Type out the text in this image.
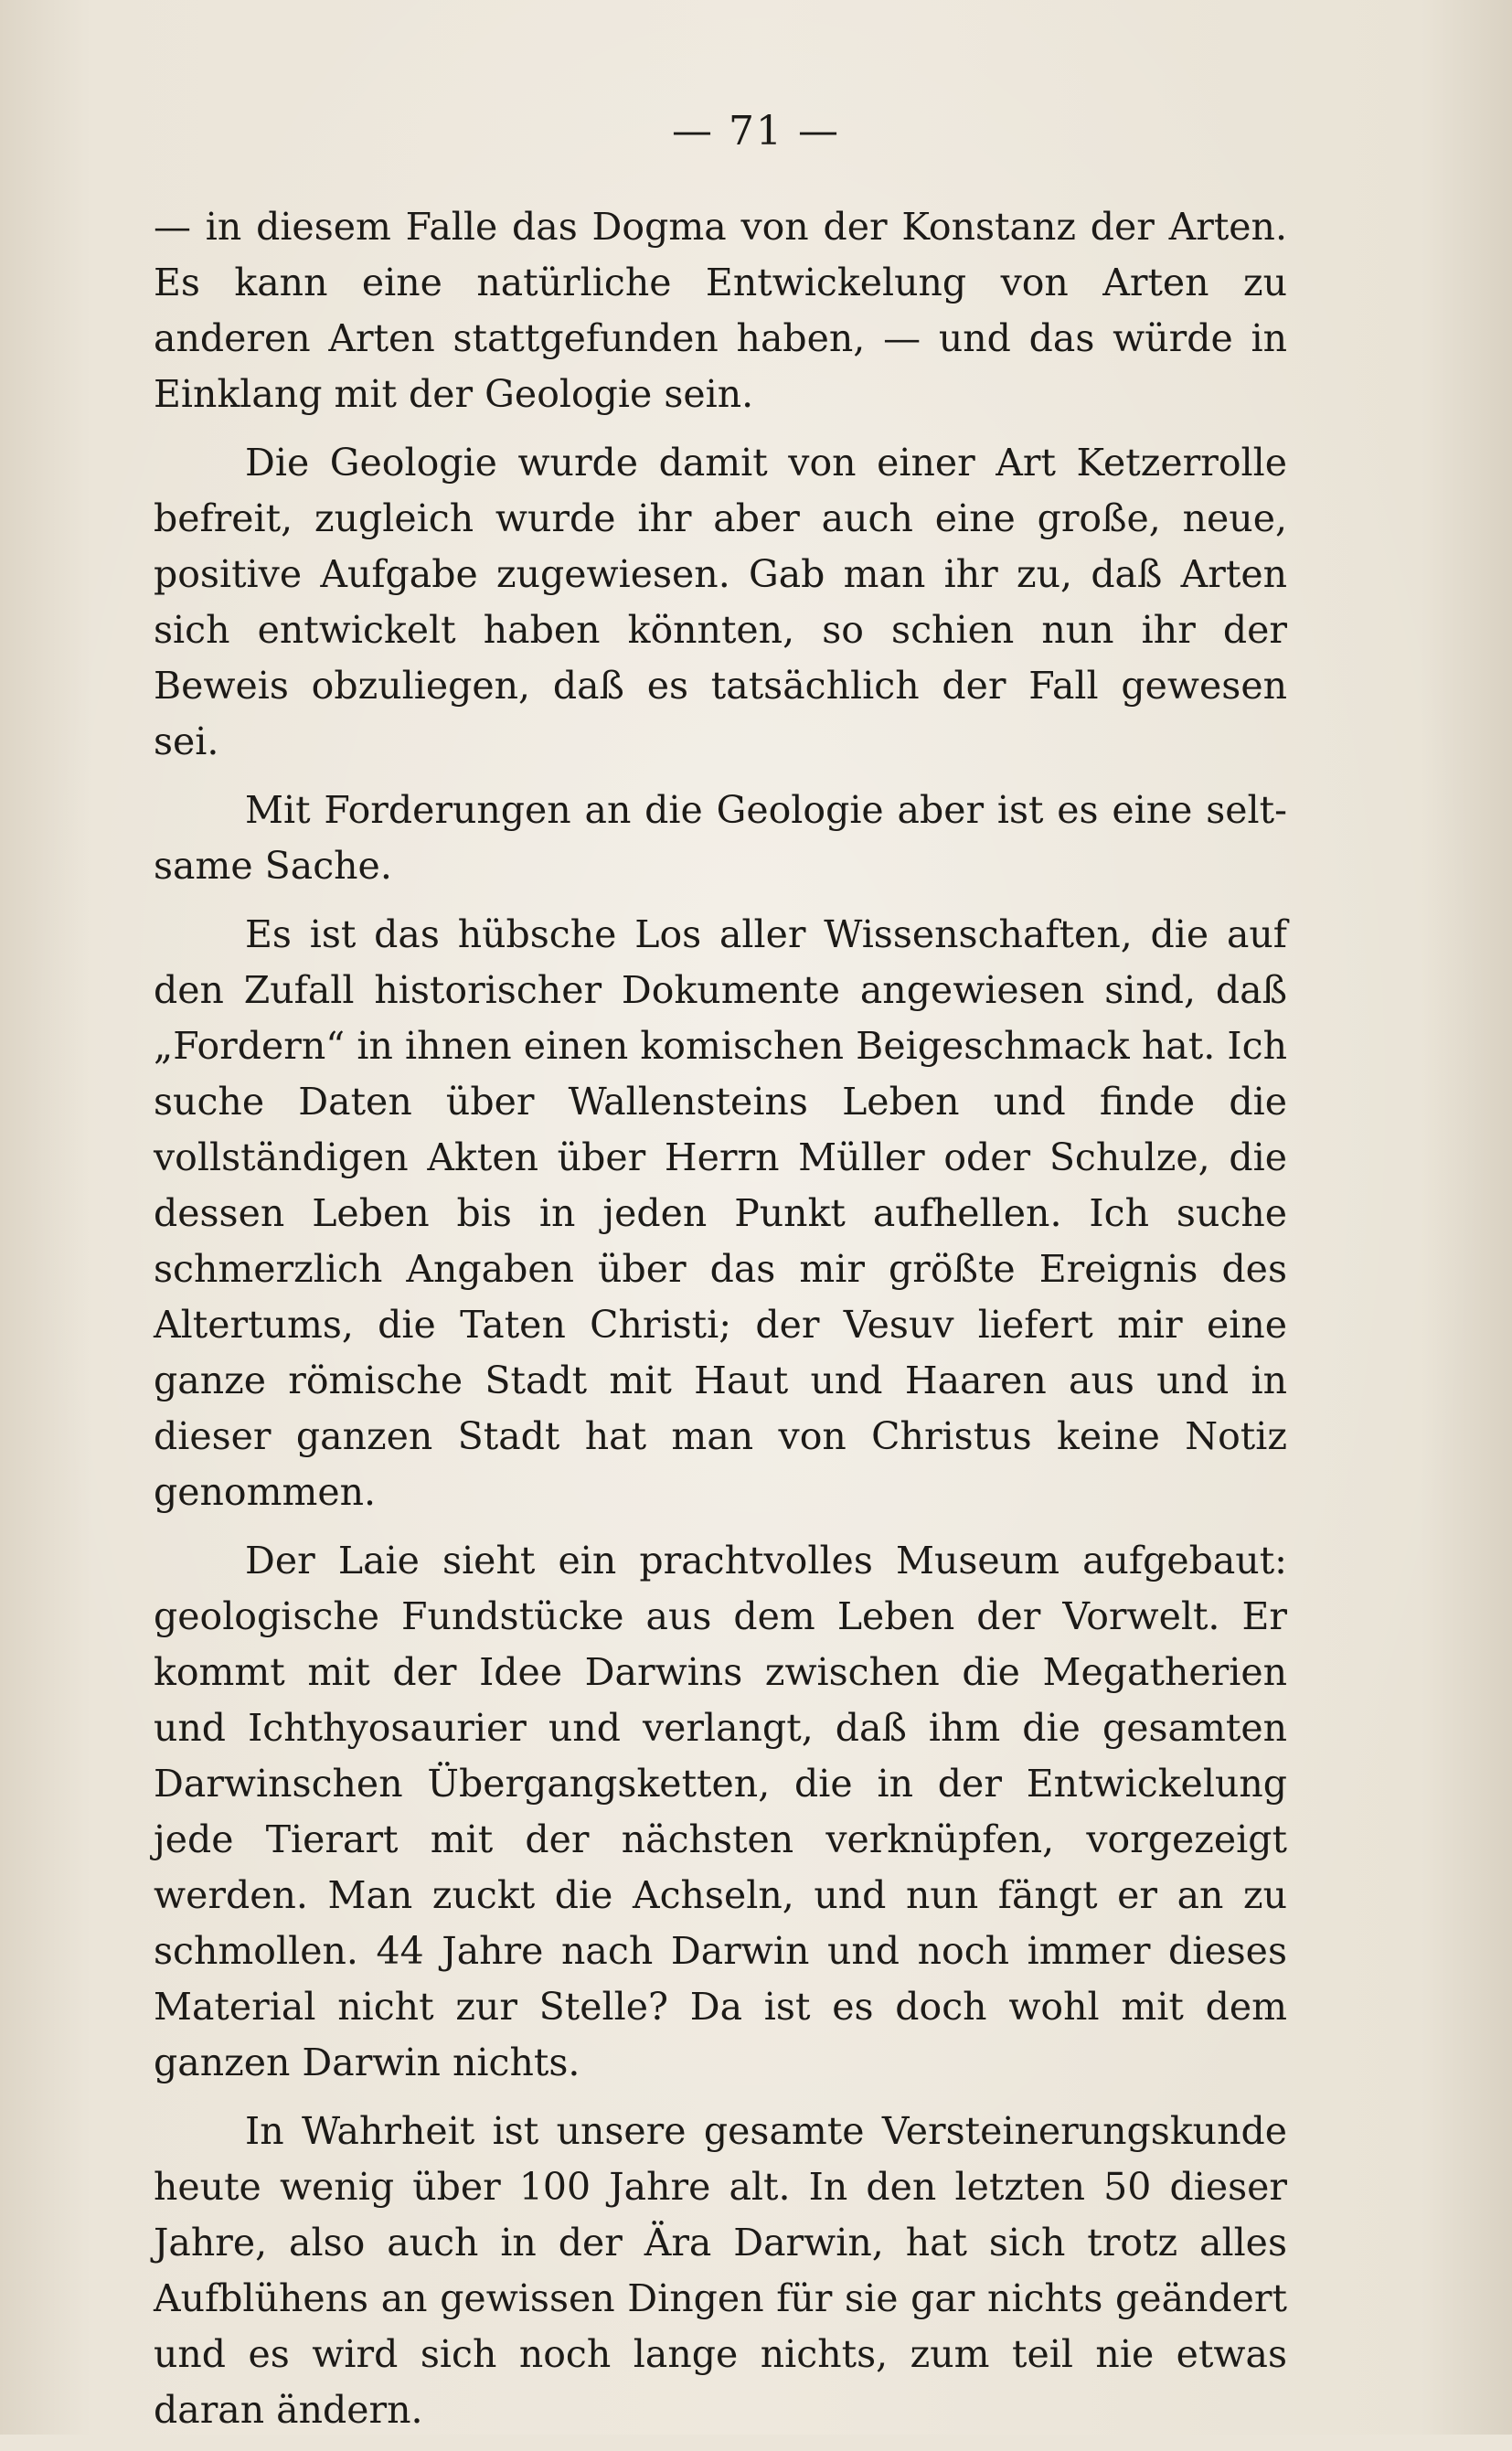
— 71 —

— in diesem Falle das Dogma von der Konstanz der Arten. Es kann eine natürliche Entwickelung von Arten zu anderen Arten stattgefunden haben, — und das würde in Einklang mit der Geologie sein.

Die Geologie wurde damit von einer Art Ketzerrolle befreit, zugleich wurde ihr aber auch eine große, neue, positive Aufgabe zugewiesen. Gab man ihr zu, daß Arten sich entwickelt haben könnten, so schien nun ihr der Beweis obzuliegen, daß es tatsächlich der Fall gewesen sei.

Mit Forderungen an die Geologie aber ist es eine seltsame Sache.

Es ist das hübsche Los aller Wissenschaften, die auf den Zufall historischer Dokumente angewiesen sind, daß „Fordern“ in ihnen einen komischen Beigeschmack hat. Ich suche Daten über Wallensteins Leben und finde die vollständigen Akten über Herrn Müller oder Schulze, die dessen Leben bis in jeden Punkt aufhellen. Ich suche schmerzlich Angaben über das mir größte Ereignis des Altertums, die Taten Christi; der Vesuv liefert mir eine ganze römische Stadt mit Haut und Haaren aus und in dieser ganzen Stadt hat man von Christus keine Notiz genommen.

Der Laie sieht ein prachtvolles Museum aufgebaut: geologische Fundstücke aus dem Leben der Vorwelt. Er kommt mit der Idee Darwins zwischen die Megatherien und Ichthyosaurier und verlangt, daß ihm die gesamten Darwinschen Übergangsketten, die in der Entwickelung jede Tierart mit der nächsten verknüpfen, vorgezeigt werden. Man zuckt die Achseln, und nun fängt er an zu schmollen. 44 Jahre nach Darwin und noch immer dieses Material nicht zur Stelle? Da ist es doch wohl mit dem ganzen Darwin nichts.

In Wahrheit ist unsere gesamte Versteinerungskunde heute wenig über 100 Jahre alt. In den letzten 50 dieser Jahre, also auch in der Ära Darwin, hat sich trotz alles Aufblühens an gewissen Dingen für sie gar nichts geändert und es wird sich noch lange nichts, zum teil nie etwas daran ändern.
